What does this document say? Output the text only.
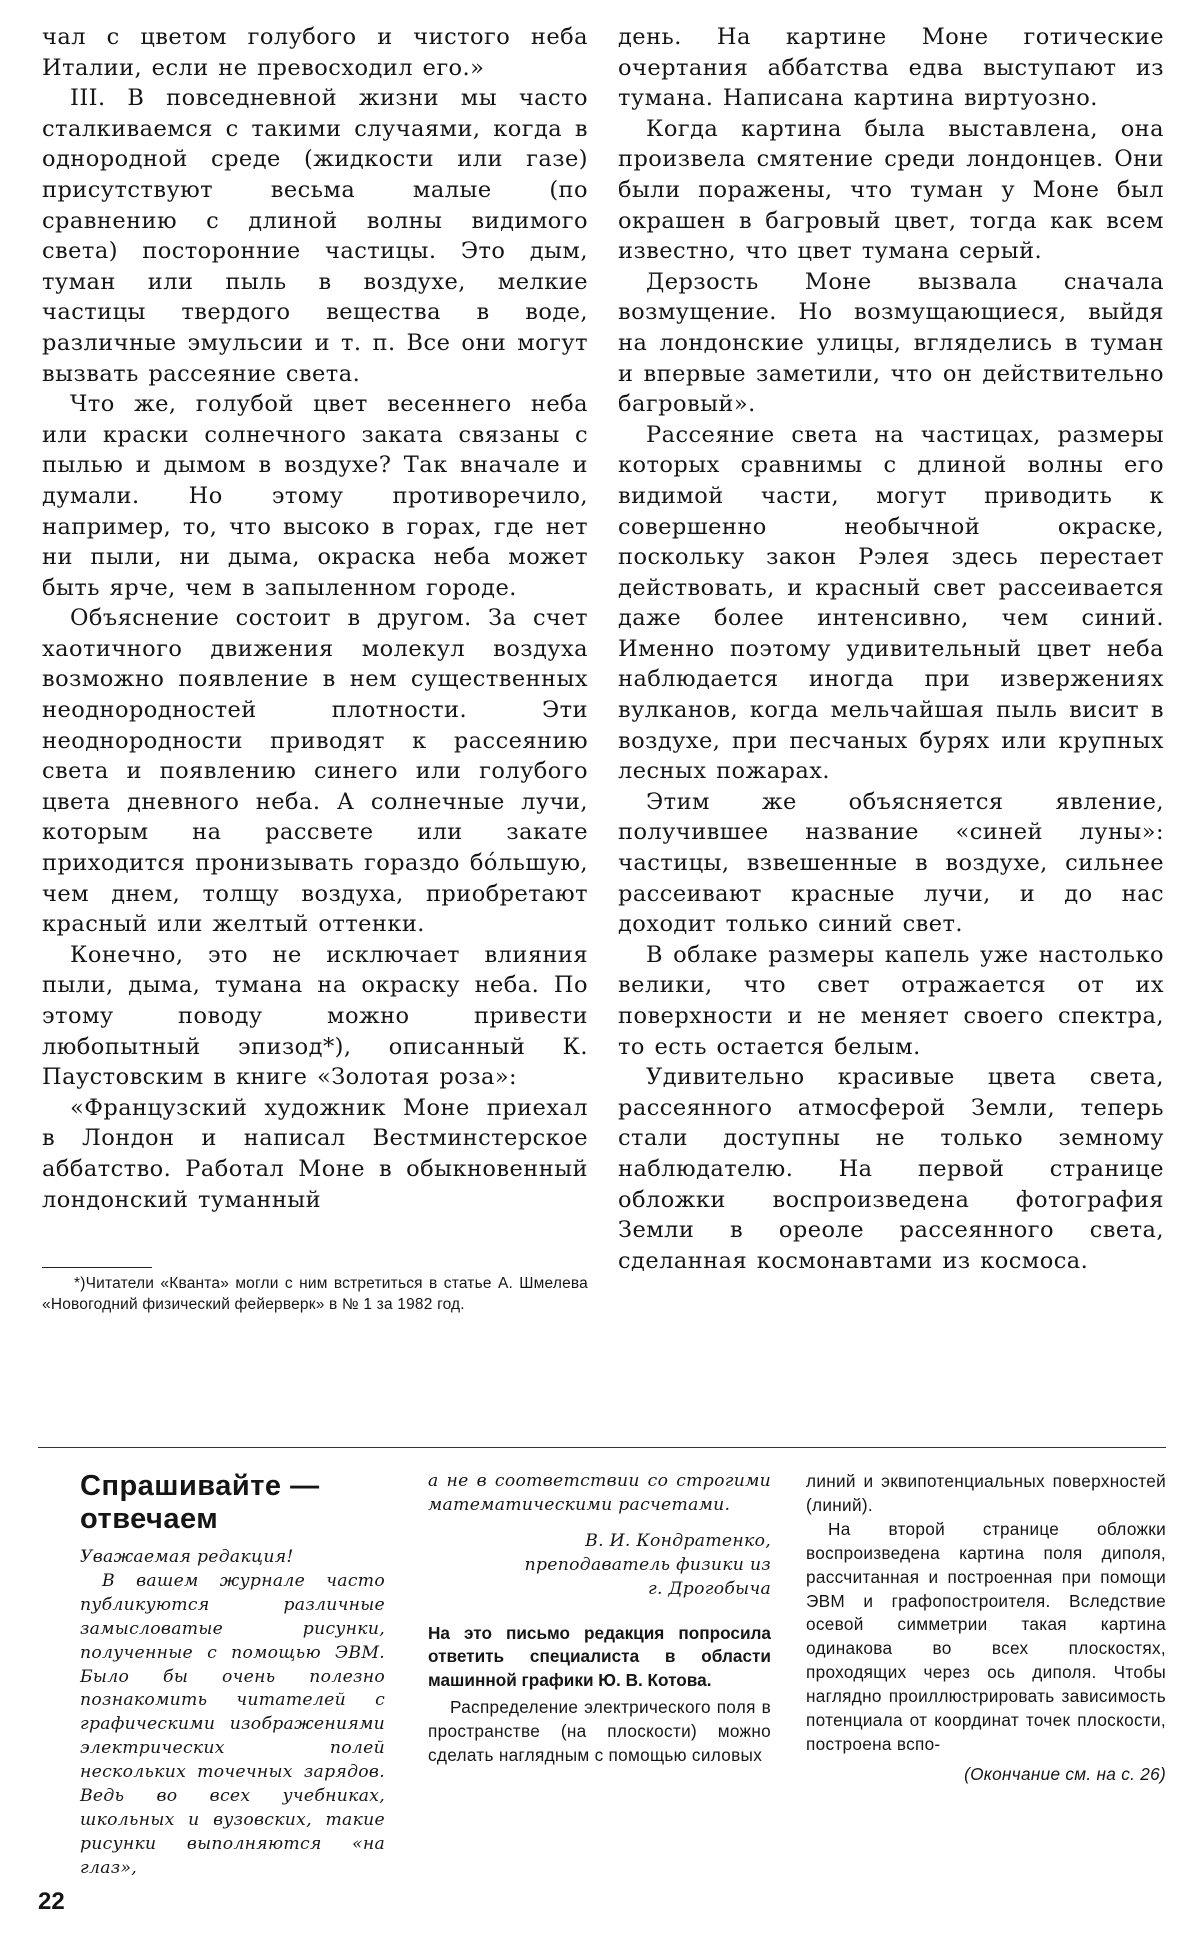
чал с цветом голубого и чистого неба Италии, если не превосходил его.»

III. В повседневной жизни мы часто сталкиваемся с такими случаями, когда в однородной среде (жидкости или газе) присутствуют весьма малые (по сравнению с длиной волны видимого света) посторонние частицы. Это дым, туман или пыль в воздухе, мелкие частицы твердого вещества в воде, различные эмульсии и т. п. Все они могут вызвать рассеяние света.

Что же, голубой цвет весеннего неба или краски солнечного заката связаны с пылью и дымом в воздухе? Так вначале и думали. Но этому противоречило, например, то, что высоко в горах, где нет ни пыли, ни дыма, окраска неба может быть ярче, чем в запыленном городе.

Объяснение состоит в другом. За счет хаотичного движения молекул воздуха возможно появление в нем существенных неоднородностей плотности. Эти неоднородности приводят к рассеянию света и появлению синего или голубого цвета дневного неба. А солнечные лучи, которым на рассвете или закате приходится пронизывать гораздо бо́льшую, чем днем, толщу воздуха, приобретают красный или желтый оттенки.

Конечно, это не исключает влияния пыли, дыма, тумана на окраску неба. По этому поводу можно привести любопытный эпизод*), описанный К. Паустовским в книге «Золотая роза»:

«Французский художник Моне приехал в Лондон и написал Вестминстерское аббатство. Работал Моне в обыкновенный лондонский туманный

*)Читатели «Кванта» могли с ним встретиться в статье А. Шмелева «Новогодний физический фейерверк» в № 1 за 1982 год.

день. На картине Моне готические очертания аббатства едва выступают из тумана. Написана картина виртуозно.

Когда картина была выставлена, она произвела смятение среди лондонцев. Они были поражены, что туман у Моне был окрашен в багровый цвет, тогда как всем известно, что цвет тумана серый.

Дерзость Моне вызвала сначала возмущение. Но возмущающиеся, выйдя на лондонские улицы, вгляделись в туман и впервые заметили, что он действительно багровый».

Рассеяние света на частицах, размеры которых сравнимы с длиной волны его видимой части, могут приводить к совершенно необычной окраске, поскольку закон Рэлея здесь перестает действовать, и красный свет рассеивается даже более интенсивно, чем синий. Именно поэтому удивительный цвет неба наблюдается иногда при извержениях вулканов, когда мельчайшая пыль висит в воздухе, при песчаных бурях или крупных лесных пожарах.

Этим же объясняется явление, получившее название «синей луны»: частицы, взвешенные в воздухе, сильнее рассеивают красные лучи, и до нас доходит только синий свет.

В облаке размеры капель уже настолько велики, что свет отражается от их поверхности и не меняет своего спектра, то есть остается белым.

Удивительно красивые цвета света, рассеянного атмосферой Земли, теперь стали доступны не только земному наблюдателю. На первой странице обложки воспроизведена фотография Земли в ореоле рассеянного света, сделанная космонавтами из космоса.

Спрашивайте — отвечаем

Уважаемая редакция!

В вашем журнале часто публикуются различные замысловатые рисунки, полученные с помощью ЭВМ. Было бы очень полезно познакомить читателей с графическими изображениями электрических полей нескольких точечных зарядов. Ведь во всех учебниках, школьных и вузовских, такие рисунки выполняются «на глаз»,

а не в соответствии со строгими математическими расчетами.

В. И. Кондратенко,

преподаватель физики из г. Дрогобыча

На это письмо редакция попросила ответить специалиста в области машинной графики Ю. В. Котова.

Распределение электрического поля в пространстве (на плоскости) можно сделать наглядным с помощью силовых

линий и эквипотенциальных поверхностей (линий).

На второй странице обложки воспроизведена картина поля диполя, рассчитанная и построенная при помощи ЭВМ и графопостроителя. Вследствие осевой симметрии такая картина одинакова во всех плоскостях, проходящих через ось диполя. Чтобы наглядно проиллюстрировать зависимость потенциала от координат точек плоскости, построена вспо-

(Окончание см. на с. 26)

22
